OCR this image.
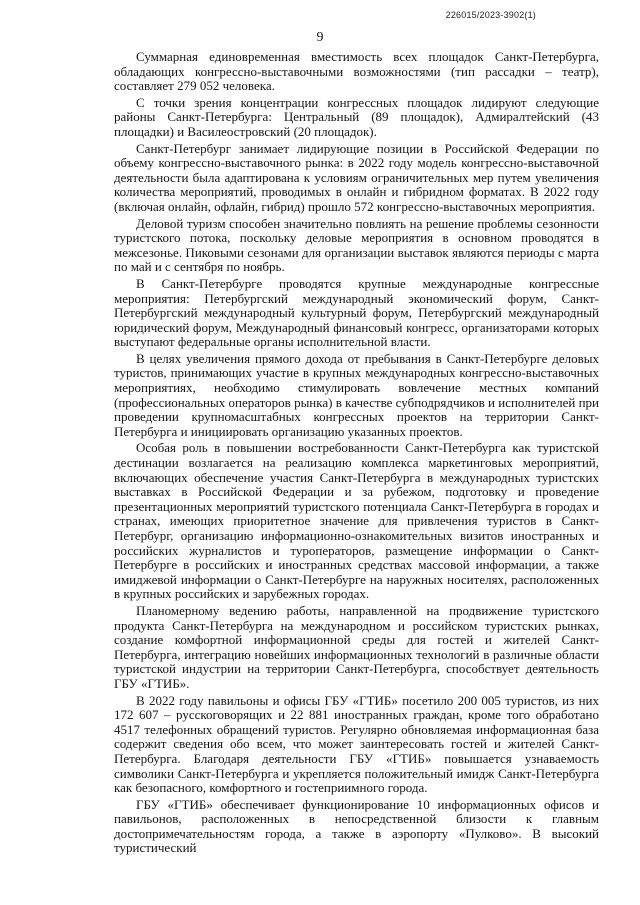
226015/2023-3902(1)
9

Суммарная единовременная вместимость всех площадок Санкт-Петербурга, обладающих конгрессно-выставочными возможностями (тип рассадки – театр), составляет 279 052 человека.

С точки зрения концентрации конгрессных площадок лидируют следующие районы Санкт-Петербурга: Центральный (89 площадок), Адмиралтейский (43 площадки) и Василеостровский (20 площадок).

Санкт-Петербург занимает лидирующие позиции в Российской Федерации по объему конгрессно-выставочного рынка: в 2022 году модель конгрессно-выставочной деятельности была адаптирована к условиям ограничительных мер путем увеличения количества мероприятий, проводимых в онлайн и гибридном форматах. В 2022 году (включая онлайн, офлайн, гибрид) прошло 572 конгрессно-выставочных мероприятия.

Деловой туризм способен значительно повлиять на решение проблемы сезонности туристского потока, поскольку деловые мероприятия в основном проводятся в межсезонье. Пиковыми сезонами для организации выставок являются периоды с марта по май и с сентября по ноябрь.

В Санкт-Петербурге проводятся крупные международные конгрессные мероприятия: Петербургский международный экономический форум, Санкт-Петербургский международный культурный форум, Петербургский международный юридический форум, Международный финансовый конгресс, организаторами которых выступают федеральные органы исполнительной власти.

В целях увеличения прямого дохода от пребывания в Санкт-Петербурге деловых туристов, принимающих участие в крупных международных конгрессно-выставочных мероприятиях, необходимо стимулировать вовлечение местных компаний (профессиональных операторов рынка) в качестве субподрядчиков и исполнителей при проведении крупномасштабных конгрессных проектов на территории Санкт-Петербурга и инициировать организацию указанных проектов.

Особая роль в повышении востребованности Санкт-Петербурга как туристской дестинации возлагается на реализацию комплекса маркетинговых мероприятий, включающих обеспечение участия Санкт-Петербурга в международных туристских выставках в Российской Федерации и за рубежом, подготовку и проведение презентационных мероприятий туристского потенциала Санкт-Петербурга в городах и странах, имеющих приоритетное значение для привлечения туристов в Санкт-Петербург, организацию информационно-ознакомительных визитов иностранных и российских журналистов и туроператоров, размещение информации о Санкт-Петербурге в российских и иностранных средствах массовой информации, а также имиджевой информации о Санкт-Петербурге на наружных носителях, расположенных в крупных российских и зарубежных городах.

Планомерному ведению работы, направленной на продвижение туристского продукта Санкт-Петербурга на международном и российском туристских рынках, создание комфортной информационной среды для гостей и жителей Санкт-Петербурга, интеграцию новейших информационных технологий в различные области туристской индустрии на территории Санкт-Петербурга, способствует деятельность ГБУ «ГТИБ».

В 2022 году павильоны и офисы ГБУ «ГТИБ» посетило 200 005 туристов, из них 172 607 – русскоговорящих и 22 881 иностранных граждан, кроме того обработано 4517 телефонных обращений туристов. Регулярно обновляемая информационная база содержит сведения обо всем, что может заинтересовать гостей и жителей Санкт-Петербурга. Благодаря деятельности ГБУ «ГТИБ» повышается узнаваемость символики Санкт-Петербурга и укрепляется положительный имидж Санкт-Петербурга как безопасного, комфортного и гостеприимного города.

ГБУ «ГТИБ» обеспечивает функционирование 10 информационных офисов и павильонов, расположенных в непосредственной близости к главным достопримечательностям города, а также в аэропорту «Пулково». В высокий туристический
